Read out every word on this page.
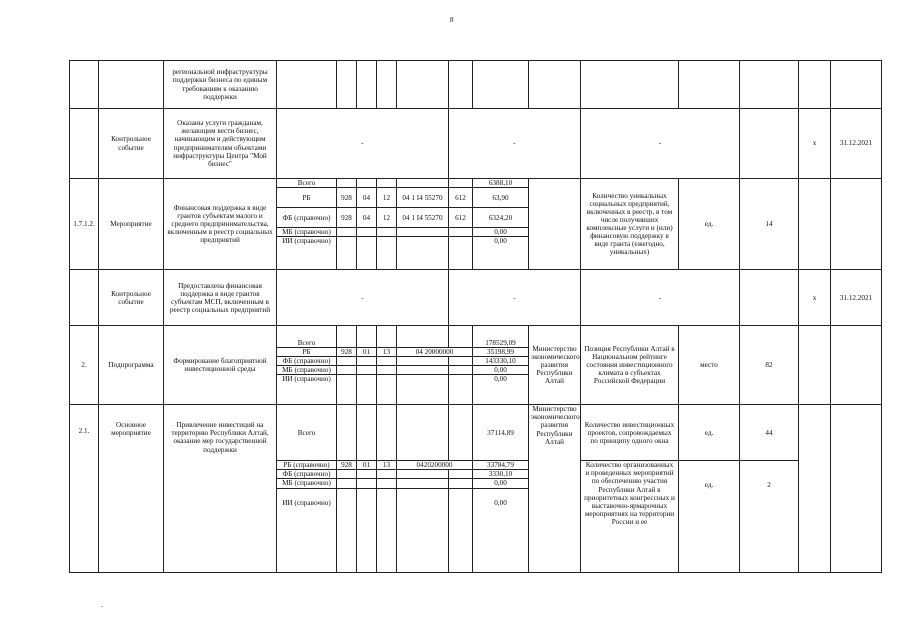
8
		региональной инфраструктуры поддержки бизнеса по единым требованиям к оказанию поддержки													
	Контрольное событие	Оказаны услуги гражданам, желающим вести бизнес, начинающим и действующим предпринимателям объектами инфраструктуры Центра "Мой бизнес"	-					-			-			х	31.12.2021
1.7.1.2.	Мероприятие	Финансовая поддержка в виде грантов субъектам малого и среднего предпринимательства, включенным в реестр социальных предприятий	Всего						6388,10		Количество уникальных социальных предприятий, включенных в реестр, в том числе получивших комплексные услуги и (или) финансовую поддержку в виде гранта (ежегодно, уникальных)	ед.	14		
			РБ	928	04	12	04 1 I4 55270	612	63,90						
			ФБ (справочно)	928	04	12	04 1 I4 55270	612	6324,20						
			МБ (справочно)						0,00						
			ИИ (справочно)						0,00						
	Контрольное событие	Предоставлена финансовая поддержка в виде грантов субъектам МСП, включенным в реестр социальных предприятий	-					-			-			х	31.12.2021
2.	Подпрограмма	Формирование благоприятной инвестиционной среды	Всего						178529,09	Министерство экономического развития Республики Алтай	Позиция Республики Алтай в Национальном рейтинге состояния инвестиционного климата в субъектах Российской Федерации	место	82		
			РБ	928	01	13	04 20000000		35198,99						
			ФБ (справочно)						143330,10						
			МБ (справочно)						0,00						
			ИИ (справочно)						0,00						
2.1.	Основное мероприятие	Привлечение инвестиций на территорию Республики Алтай, оказание мер государственной поддержки	Всего						37114,89	Министерство экономического развития Республики Алтай	Количество инвестиционных проектов, сопровождаемых по принципу одного окна	ед.	44		
			РБ (справочно)	928	01	13	0420200000		33784,79		Количество организованных и проведенных мероприятий по обеспечению участия Республики Алтай в приоритетных конгрессных и выставочно-ярмарочных мероприятиях на территории России и ее	ед.	2		
			ФБ (справочно)						3330,10						
			МБ (справочно)						0,00						
			ИИ (справочно)						0,00						
-
